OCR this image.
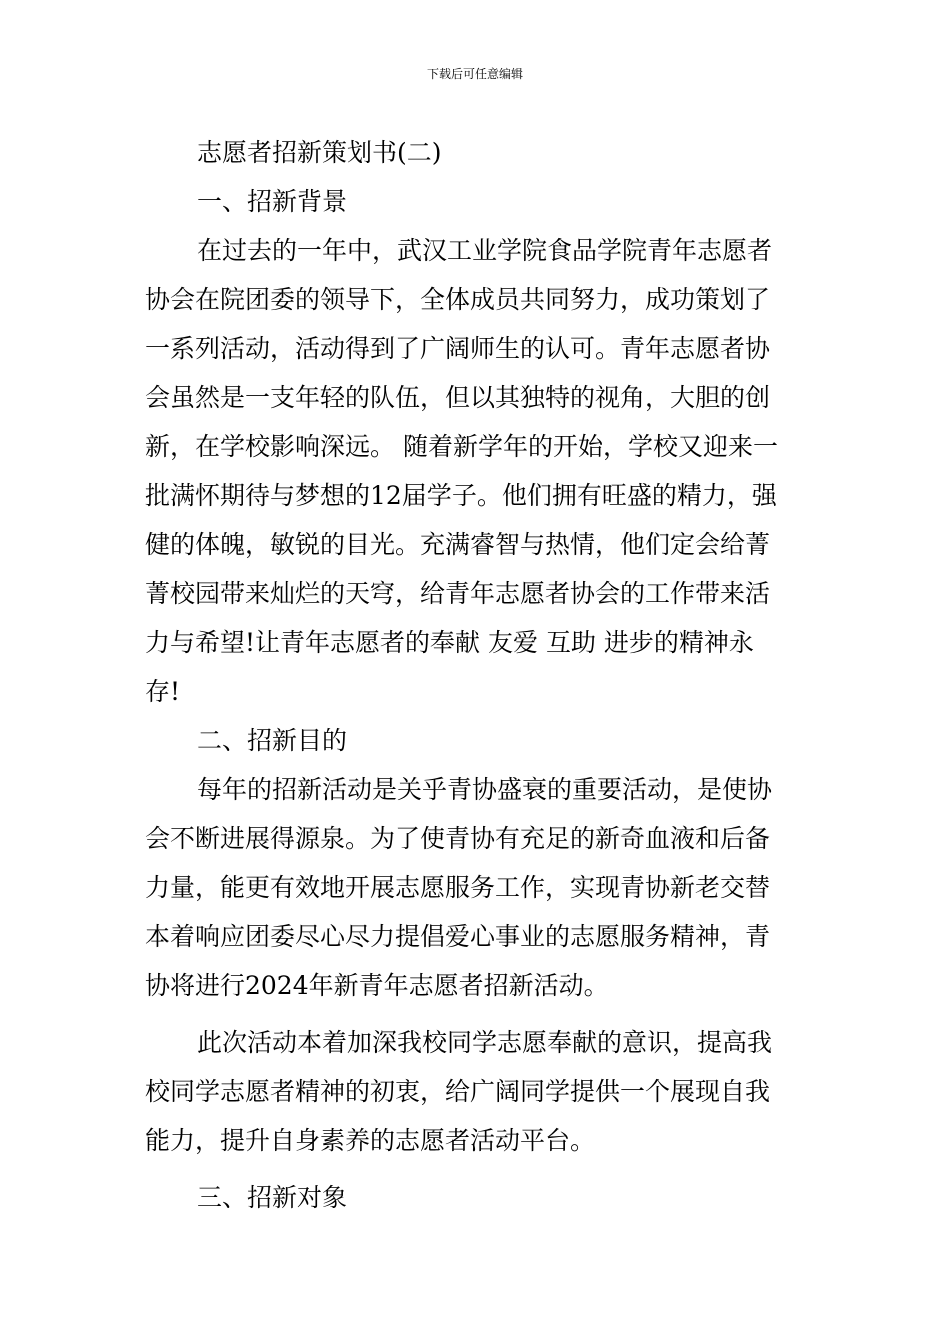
下载后可任意编辑
志愿者招新策划书(二)
一、招新背景
在过去的一年中，武汉工业学院食品学院青年志愿者
协会在院团委的领导下，全体成员共同努力，成功策划了
一系列活动，活动得到了广阔师生的认可。青年志愿者协
会虽然是一支年轻的队伍，但以其独特的视角，大胆的创
新，在学校影响深远。 随着新学年的开始，学校又迎来一
批满怀期待与梦想的12届学子。他们拥有旺盛的精力，强
健的体魄，敏锐的目光。充满睿智与热情，他们定会给菁
菁校园带来灿烂的天穹，给青年志愿者协会的工作带来活
力与希望!让青年志愿者的奉献 友爱 互助 进步的精神永
存!
二、招新目的
每年的招新活动是关乎青协盛衰的重要活动，是使协
会不断进展得源泉。为了使青协有充足的新奇血液和后备
力量，能更有效地开展志愿服务工作，实现青协新老交替
本着响应团委尽心尽力提倡爱心事业的志愿服务精神，青
协将进行2024年新青年志愿者招新活动。
此次活动本着加深我校同学志愿奉献的意识，提高我
校同学志愿者精神的初衷，给广阔同学提供一个展现自我
能力，提升自身素养的志愿者活动平台。
三、招新对象
